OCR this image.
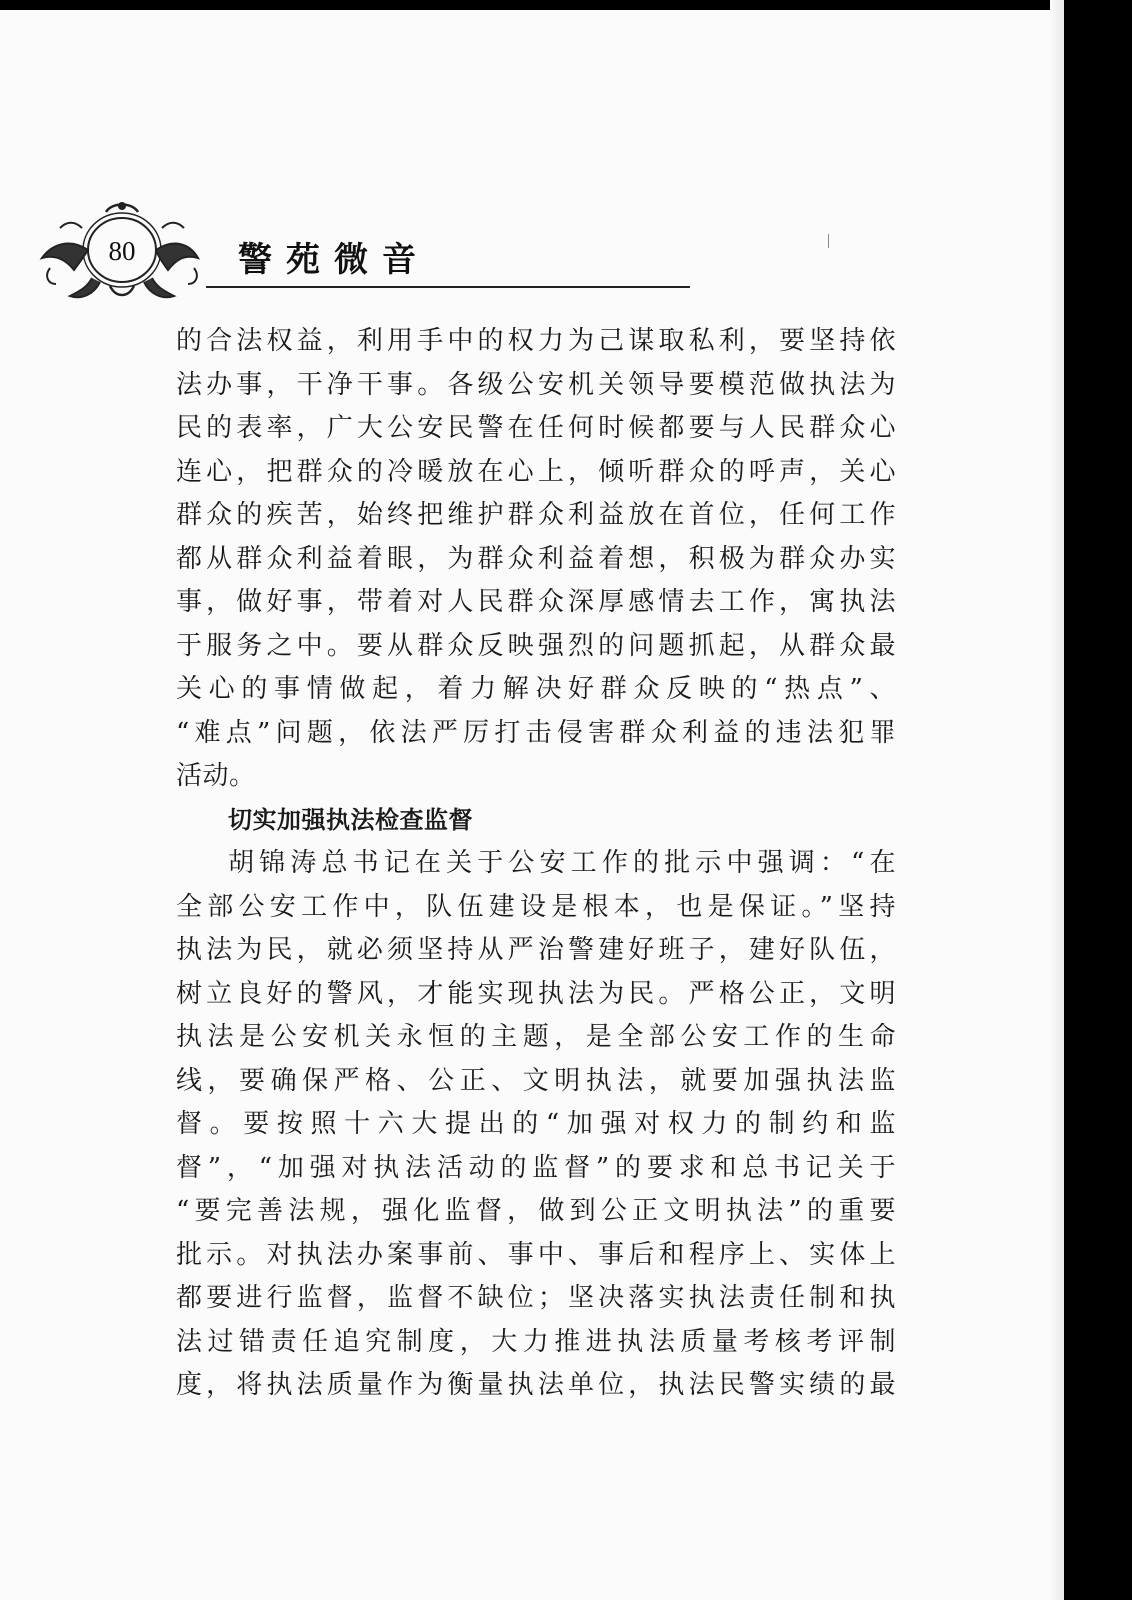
80	警苑微音

的合法权益，利用手中的权力为己谋取私利，要坚持依

法办事，干净干事。各级公安机关领导要模范做执法为

民的表率，广大公安民警在任何时候都要与人民群众心

连心，把群众的冷暖放在心上，倾听群众的呼声，关心

群众的疾苦，始终把维护群众利益放在首位，任何工作

都从群众利益着眼，为群众利益着想，积极为群众办实

事，做好事，带着对人民群众深厚感情去工作，寓执法

于服务之中。要从群众反映强烈的问题抓起，从群众最

关心的事情做起，着力解决好群众反映的“热点”、

“难点”问题，依法严厉打击侵害群众利益的违法犯罪

活动。

切实加强执法检查监督

胡锦涛总书记在关于公安工作的批示中强调：“在

全部公安工作中，队伍建设是根本，也是保证。”坚持

执法为民，就必须坚持从严治警建好班子，建好队伍，

树立良好的警风，才能实现执法为民。严格公正，文明

执法是公安机关永恒的主题，是全部公安工作的生命

线，要确保严格、公正、文明执法，就要加强执法监

督。要按照十六大提出的“加强对权力的制约和监

督”，“加强对执法活动的监督”的要求和总书记关于

“要完善法规，强化监督，做到公正文明执法”的重要

批示。对执法办案事前、事中、事后和程序上、实体上

都要进行监督，监督不缺位；坚决落实执法责任制和执

法过错责任追究制度，大力推进执法质量考核考评制

度，将执法质量作为衡量执法单位，执法民警实绩的最
